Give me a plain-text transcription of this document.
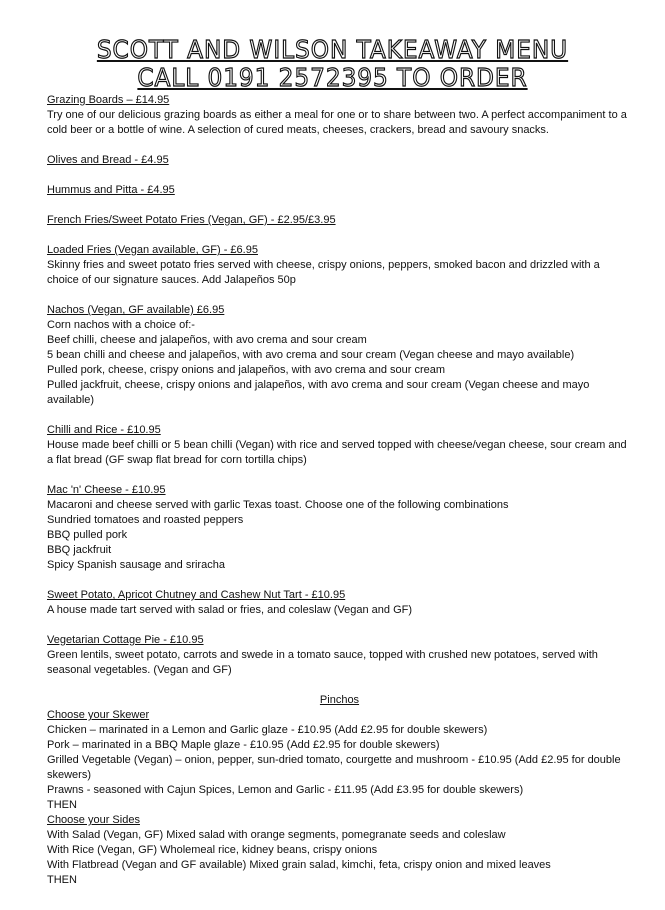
SCOTT AND WILSON TAKEAWAY MENU
CALL 0191 2572395 TO ORDER
Grazing Boards – £14.95

Try one of our delicious grazing boards as either a meal for one or to share between two. A perfect accompaniment to a cold beer or a bottle of wine. A selection of cured meats, cheeses, crackers, bread and savoury snacks.

Olives and Bread - £4.95
Hummus and Pitta - £4.95
French Fries/Sweet Potato Fries (Vegan, GF) - £2.95/£3.95
Loaded Fries (Vegan available, GF) - £6.95

Skinny fries and sweet potato fries served with cheese, crispy onions, peppers, smoked bacon and drizzled with a choice of our signature sauces. Add Jalapeños 50p

Nachos (Vegan, GF available) £6.95

Corn nachos with a choice of:-

Beef chilli, cheese and jalapeños, with avo crema and sour cream

5 bean chilli and cheese and jalapeños, with avo crema and sour cream (Vegan cheese and mayo available)

Pulled pork, cheese, crispy onions and jalapeños, with avo crema and sour cream

Pulled jackfruit, cheese, crispy onions and jalapeños, with avo crema and sour cream (Vegan cheese and mayo available)

Chilli and Rice - £10.95

House made beef chilli or 5 bean chilli (Vegan) with rice and served topped with cheese/vegan cheese, sour cream and a flat bread (GF swap flat bread for corn tortilla chips)

Mac 'n' Cheese - £10.95

Macaroni and cheese served with garlic Texas toast. Choose one of the following combinations

Sundried tomatoes and roasted peppers

BBQ pulled pork

BBQ jackfruit

Spicy Spanish sausage and sriracha

Sweet Potato, Apricot Chutney and Cashew Nut Tart - £10.95

A house made tart served with salad or fries, and coleslaw (Vegan and GF)

Vegetarian Cottage Pie - £10.95

Green lentils, sweet potato, carrots and swede in a tomato sauce, topped with crushed new potatoes, served with seasonal vegetables. (Vegan and GF)

Pinchos
Choose your Skewer

Chicken – marinated in a Lemon and Garlic glaze - £10.95 (Add £2.95 for double skewers)

Pork – marinated in a BBQ Maple glaze - £10.95 (Add £2.95 for double skewers)

Grilled Vegetable (Vegan) – onion, pepper, sun-dried tomato, courgette and mushroom - £10.95 (Add £2.95 for double skewers)

Prawns - seasoned with Cajun Spices, Lemon and Garlic - £11.95 (Add £3.95 for double skewers)

THEN

Choose your Sides

With Salad (Vegan, GF) Mixed salad with orange segments, pomegranate seeds and coleslaw

With Rice (Vegan, GF) Wholemeal rice, kidney beans, crispy onions

With Flatbread (Vegan and GF available) Mixed grain salad, kimchi, feta, crispy onion and mixed leaves

THEN
